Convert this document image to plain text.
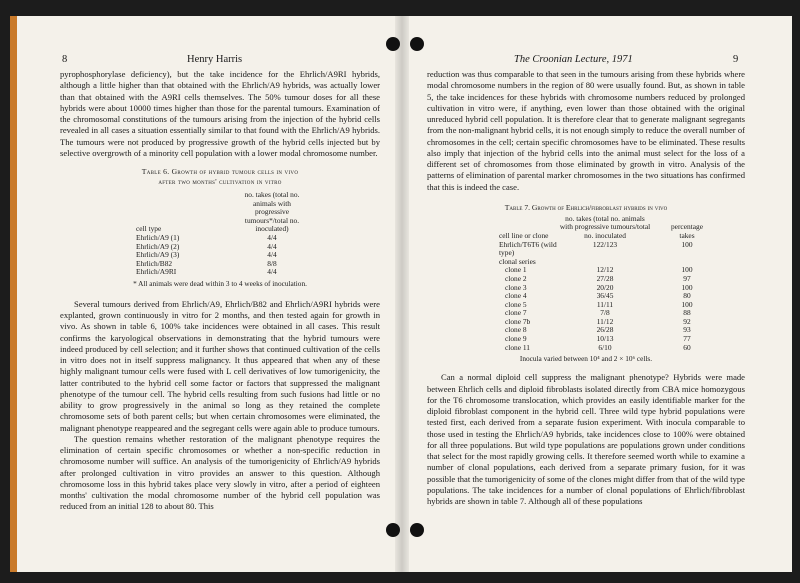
8	Henry Harris

pyrophosphorylase deficiency), but the take incidence for the Ehrlich/A9RI hybrids, although a little higher than that obtained with the Ehrlich/A9 hybrids, was actually lower than that obtained with the A9RI cells themselves. The 50% tumour doses for all these hybrids were about 10000 times higher than those for the parental tumours. Examination of the chromosomal constitutions of the tumours arising from the injection of the hybrid cells revealed in all cases a situation essentially similar to that found with the Ehrlich/A9 hybrids. The tumours were not produced by progressive growth of the hybrid cells injected but by selective overgrowth of a minority cell population with a lower modal chromosome number.

Table 6. Growth of hybrid tumour cells in vivo
after two months' cultivation in vitro
cell type	no. takes (total no. animals with progressive tumours*/total no. inoculated)
Ehrlich/A9 (1)	4/4
Ehrlich/A9 (2)	4/4
Ehrlich/A9 (3)	4/4
Ehrlich/B82	8/8
Ehrlich/A9RI	4/4
* All animals were dead within 3 to 4 weeks of inoculation.

Several tumours derived from Ehrlich/A9, Ehrlich/B82 and Ehrlich/A9RI hybrids were explanted, grown continuously in vitro for 2 months, and then tested again for growth in vivo. As shown in table 6, 100% take incidences were obtained in all cases. This result confirms the karyological observations in demonstrating that the hybrid tumours were indeed produced by cell selection; and it further shows that continued cultivation of the cells in vitro does not in itself suppress malignancy. It thus appeared that when any of these highly malignant tumour cells were fused with L cell derivatives of low tumorigenicity, the latter contributed to the hybrid cell some factor or factors that suppressed the malignant phenotype of the tumour cell. The hybrid cells resulting from such fusions had little or no ability to grow progressively in the animal so long as they retained the complete chromosome sets of both parent cells; but when certain chromosomes were eliminated, the malignant phenotype reappeared and the segregant cells were again able to produce tumours.

The question remains whether restoration of the malignant phenotype requires the elimination of certain specific chromosomes or whether a non-specific reduction in chromosome number will suffice. An analysis of the tumorigenicity of Ehrlich/A9 hybrids after prolonged cultivation in vitro provides an answer to this question. Although chromosome loss in this hybrid takes place very slowly in vitro, after a period of eighteen months' cultivation the modal chromosome number of the hybrid cell population was reduced from an initial 128 to about 80. This

The Croonian Lecture, 1971	9

reduction was thus comparable to that seen in the tumours arising from these hybrids where modal chromosome numbers in the region of 80 were usually found. But, as shown in table 5, the take incidences for these hybrids with chromosome numbers reduced by prolonged cultivation in vitro were, if anything, even lower than those obtained with the original unreduced hybrid cell population. It is therefore clear that to generate malignant segregants from the non-malignant hybrid cells, it is not enough simply to reduce the overall number of chromosomes in the cell; certain specific chromosomes have to be eliminated. These results also imply that injection of the hybrid cells into the animal must select for the loss of a different set of chromosomes from those eliminated by growth in vitro. Analysis of the patterns of elimination of parental marker chromosomes in the two situations has confirmed that this is indeed the case.

Table 7. Growth of Ehrlich/fibroblast hybrids in vivo
cell line or clone	no. takes (total no. animals with progressive tumours/total no. inoculated	percentage takes
Ehrlich/T6T6 (wild type)	122/123	100
clonal series		
clone 1	12/12	100
clone 2	27/28	97
clone 3	20/20	100
clone 4	36/45	80
clone 5	11/11	100
clone 7	7/8	88
clone 7b	11/12	92
clone 8	26/28	93
clone 9	10/13	77
clone 11	6/10	60
Inocula varied between 10⁴ and 2 × 10⁶ cells.

Can a normal diploid cell suppress the malignant phenotype? Hybrids were made between Ehrlich cells and diploid fibroblasts isolated directly from CBA mice homozygous for the T6 chromosome translocation, which provides an easily identifiable marker for the diploid fibroblast component in the hybrid cell. Three wild type hybrid populations were tested first, each derived from a separate fusion experiment. With inocula comparable to those used in testing the Ehrlich/A9 hybrids, take incidences close to 100% were obtained for all three populations. But wild type populations are populations grown under conditions that select for the most rapidly growing cells. It therefore seemed worth while to examine a number of clonal populations, each derived from a separate primary fusion, for it was possible that the tumorigenicity of some of the clones might differ from that of the wild type populations. The take incidences for a number of clonal populations of Ehrlich/fibroblast hybrids are shown in table 7. Although all of these populations
